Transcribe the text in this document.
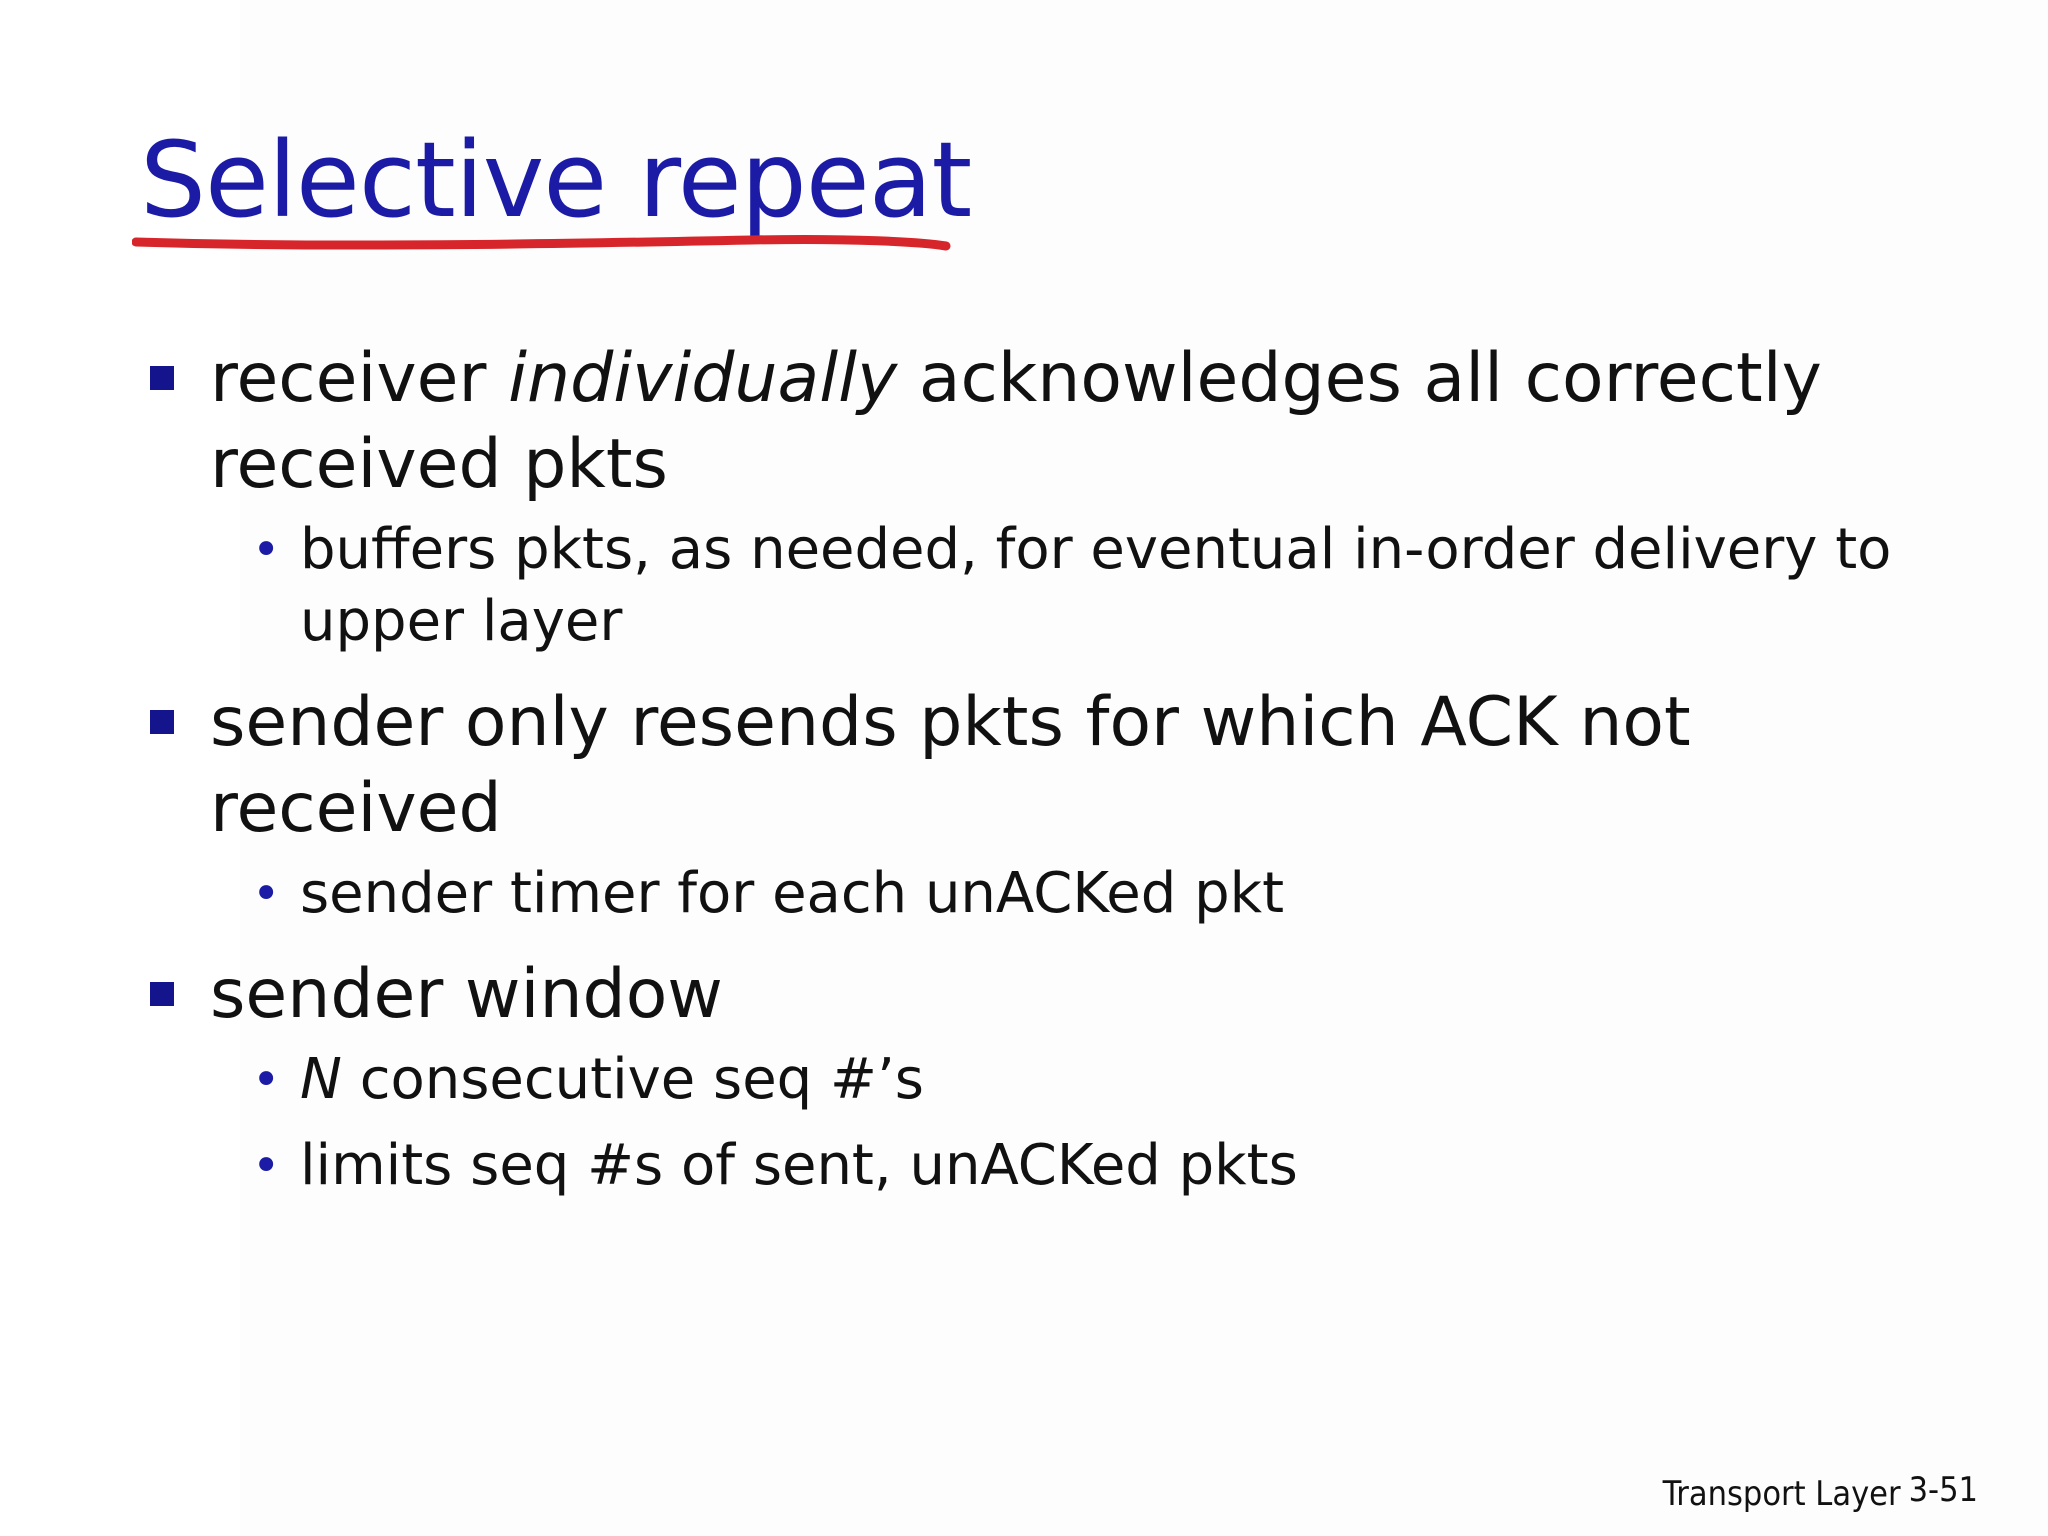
Selective repeat
receiver individually acknowledges all correctly received pkts
• buffers pkts, as needed, for eventual in-order delivery to upper layer
sender only resends pkts for which ACK not received
• sender timer for each unACKed pkt
sender window
• N consecutive seq #’s
• limits seq #s of sent, unACKed pkts
Transport Layer 3-51
